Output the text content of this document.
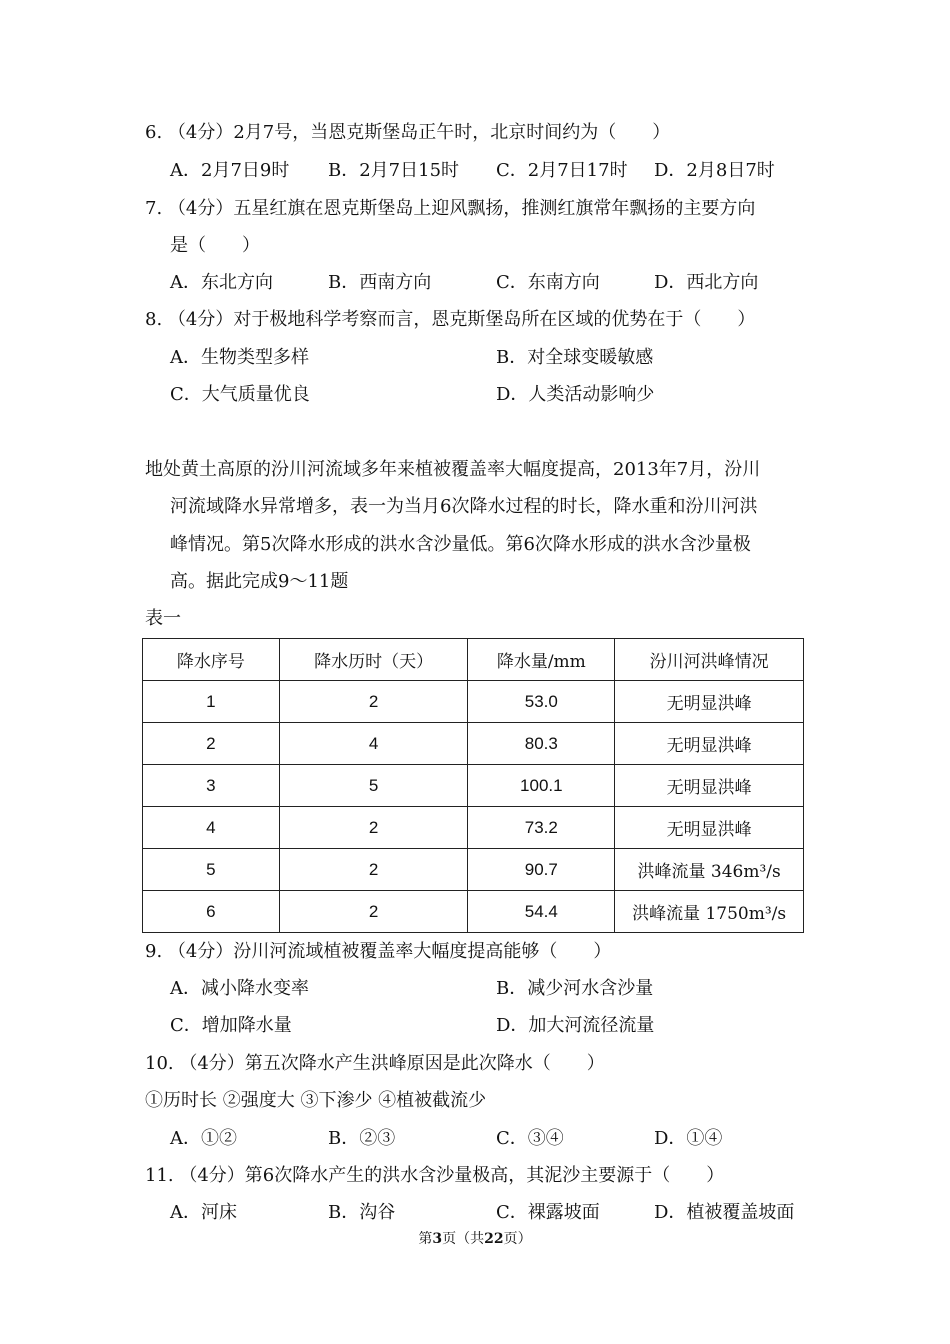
6. （4分）2月7号，当恩克斯堡岛正午时，北京时间约为（　　）
A．2月7日9时 B．2月7日15时 C．2月7日17时 D．2月8日7时
7. （4分）五星红旗在恩克斯堡岛上迎风飘扬，推测红旗常年飘扬的主要方向
是（　　）
A．东北方向	B．西南方向	C．东南方向	D．西北方向
8. （4分）对于极地科学考察而言，恩克斯堡岛所在区域的优势在于（　　）
A．生物类型多样	B．对全球变暖敏感
C．大气质量优良	D．人类活动影响少
地处黄土高原的汾川河流域多年来植被覆盖率大幅度提高，2013年7月，汾川
河流域降水异常增多，表一为当月6次降水过程的时长，降水重和汾川河洪
峰情况。第5次降水形成的洪水含沙量低。第6次降水形成的洪水含沙量极
高。据此完成9～11题
表一
降水序号	降水历时（天）	降水量/mm	汾川河洪峰情况
1	2	53.0	无明显洪峰
2	4	80.3	无明显洪峰
3	5	100.1	无明显洪峰
4	2	73.2	无明显洪峰
5	2	90.7	洪峰流量 346m³/s
6	2	54.4	洪峰流量 1750m³/s
9. （4分）汾川河流域植被覆盖率大幅度提高能够（　　）
A．减小降水变率	B．减少河水含沙量
C．增加降水量	D．加大河流径流量
10. （4分）第五次降水产生洪峰原因是此次降水（　　）
①历时长 ②强度大 ③下渗少 ④植被截流少
A．①②	B．②③	C．③④	D．①④
11. （4分）第6次降水产生的洪水含沙量极高，其泥沙主要源于（　　）
A．河床	B．沟谷	C．裸露坡面	D．植被覆盖坡面
第3页（共22页）
